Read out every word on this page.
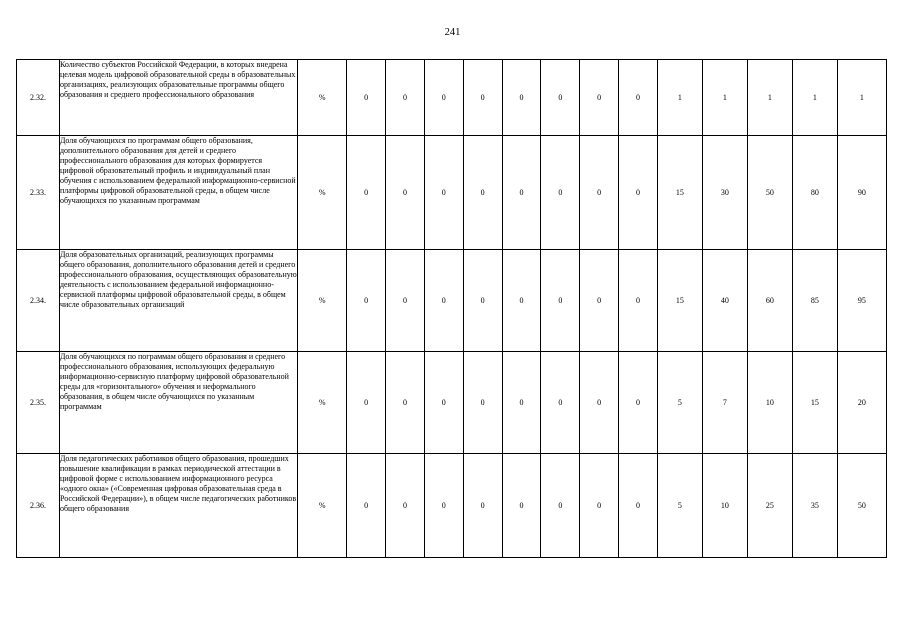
241
2.32.	Количество субъектов Российской Федерации, в которых внедрена целевая модель цифровой образовательной среды в образовательных организациях, реализующих образовательные программы общего образования и среднего профессионального образования	%	0	0	0	0	0	0	0	0	1	1	1	1	1
2.33.	Доля обучающихся по программам общего образования, дополнительного образования для детей и среднего профессионального образования для которых формируется цифровой образовательный профиль и индивидуальный план обучения с использованием федеральной информационно-сервисной платформы цифровой образовательной среды, в общем числе обучающихся по указанным программам	%	0	0	0	0	0	0	0	0	15	30	50	80	90
2.34.	Доля образовательных организаций, реализующих программы общего образования, дополнительного образования детей и среднего профессионального образования, осуществляющих образовательную деятельность с использованием федеральной информационно-сервисной платформы цифровой образовательной среды, в общем числе образовательных организаций	%	0	0	0	0	0	0	0	0	15	40	60	85	95
2.35.	Доля обучающихся по пограммам общего образования и среднего профессионального образования, использующих федеральную информационно-сервисную платформу цифровой образовательной среды для «горизонтального» обучения и неформального образования, в общем числе обучающихся по указанным программам	%	0	0	0	0	0	0	0	0	5	7	10	15	20
2.36.	Доля педагогических работников общего образования, прошедших повышение квалификации в рамках периодической аттестации в цифровой форме с использованием информационного ресурса «одного окна» («Современная цифровая образовательная среда в Российской Федерации»), в общем числе педагогических работников общего образования	%	0	0	0	0	0	0	0	0	5	10	25	35	50
